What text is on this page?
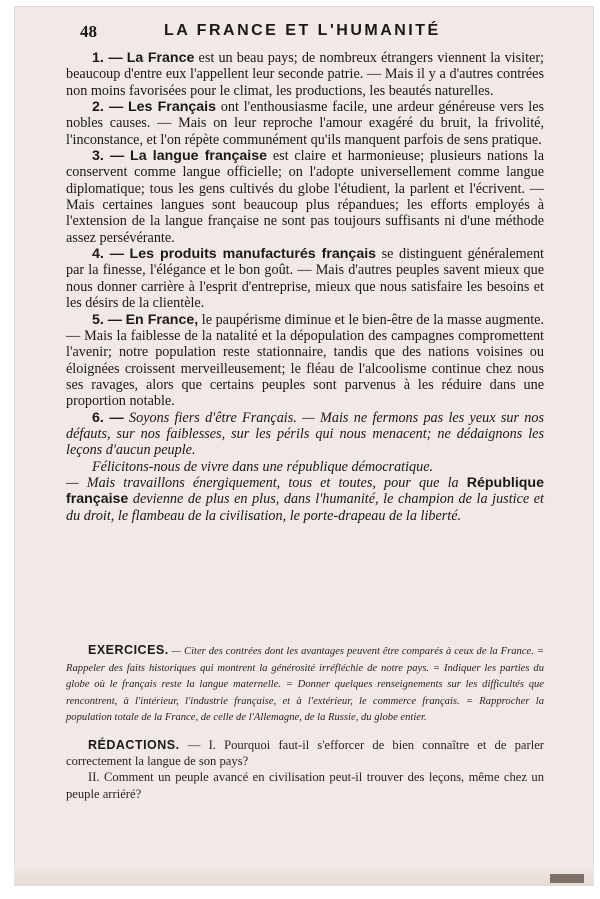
48	LA FRANCE ET L'HUMANITÉ

1. — La France est un beau pays; de nombreux étrangers viennent la visiter; beaucoup d'entre eux l'appellent leur seconde patrie. — Mais il y a d'autres contrées non moins favorisées pour le climat, les productions, les beautés naturelles.

2. — Les Français ont l'enthousiasme facile, une ardeur généreuse vers les nobles causes. — Mais on leur reproche l'amour exagéré du bruit, la frivolité, l'inconstance, et l'on répète communément qu'ils manquent parfois de sens pratique.

3. — La langue française est claire et harmonieuse; plusieurs nations la conservent comme langue officielle; on l'adopte universellement comme langue diplomatique; tous les gens cultivés du globe l'étudient, la parlent et l'écrivent. — Mais certaines langues sont beaucoup plus répandues; les efforts employés à l'extension de la langue française ne sont pas toujours suffisants ni d'une méthode assez persévérante.

4. — Les produits manufacturés français se distinguent généralement par la finesse, l'élégance et le bon goût. — Mais d'autres peuples savent mieux que nous donner carrière à l'esprit d'entreprise, mieux que nous satisfaire les besoins et les désirs de la clientèle.

5. — En France, le paupérisme diminue et le bien-être de la masse augmente. — Mais la faiblesse de la natalité et la dépopulation des campagnes compromettent l'avenir; notre population reste stationnaire, tandis que des nations voisines ou éloignées croissent merveilleusement; le fléau de l'alcoolisme continue chez nous ses ravages, alors que certains peuples sont parvenus à les réduire dans une proportion notable.

6. — Soyons fiers d'être Français. — Mais ne fermons pas les yeux sur nos défauts, sur nos faiblesses, sur les périls qui nous menacent; ne dédaignons les leçons d'aucun peuple.

Félicitons-nous de vivre dans une république démocratique.

— Mais travaillons énergiquement, tous et toutes, pour que la République française devienne de plus en plus, dans l'humanité, le champion de la justice et du droit, le flambeau de la civilisation, le porte-drapeau de la liberté.

EXERCICES. — Citer des contrées dont les avantages peuvent être comparés à ceux de la France. = Rappeler des faits historiques qui montrent la générosité irréfléchie de notre pays. = Indiquer les parties du globe où le français reste la langue maternelle. = Donner quelques renseignements sur les difficultés que rencontrent, à l'intérieur, l'industrie française, et à l'extérieur, le commerce français. = Rapprocher la population totale de la France, de celle de l'Allemagne, de la Russie, du globe entier.

RÉDACTIONS. — I. Pourquoi faut-il s'efforcer de bien connaître et de parler correctement la langue de son pays?

II. Comment un peuple avancé en civilisation peut-il trouver des leçons, même chez un peuple arriéré?
